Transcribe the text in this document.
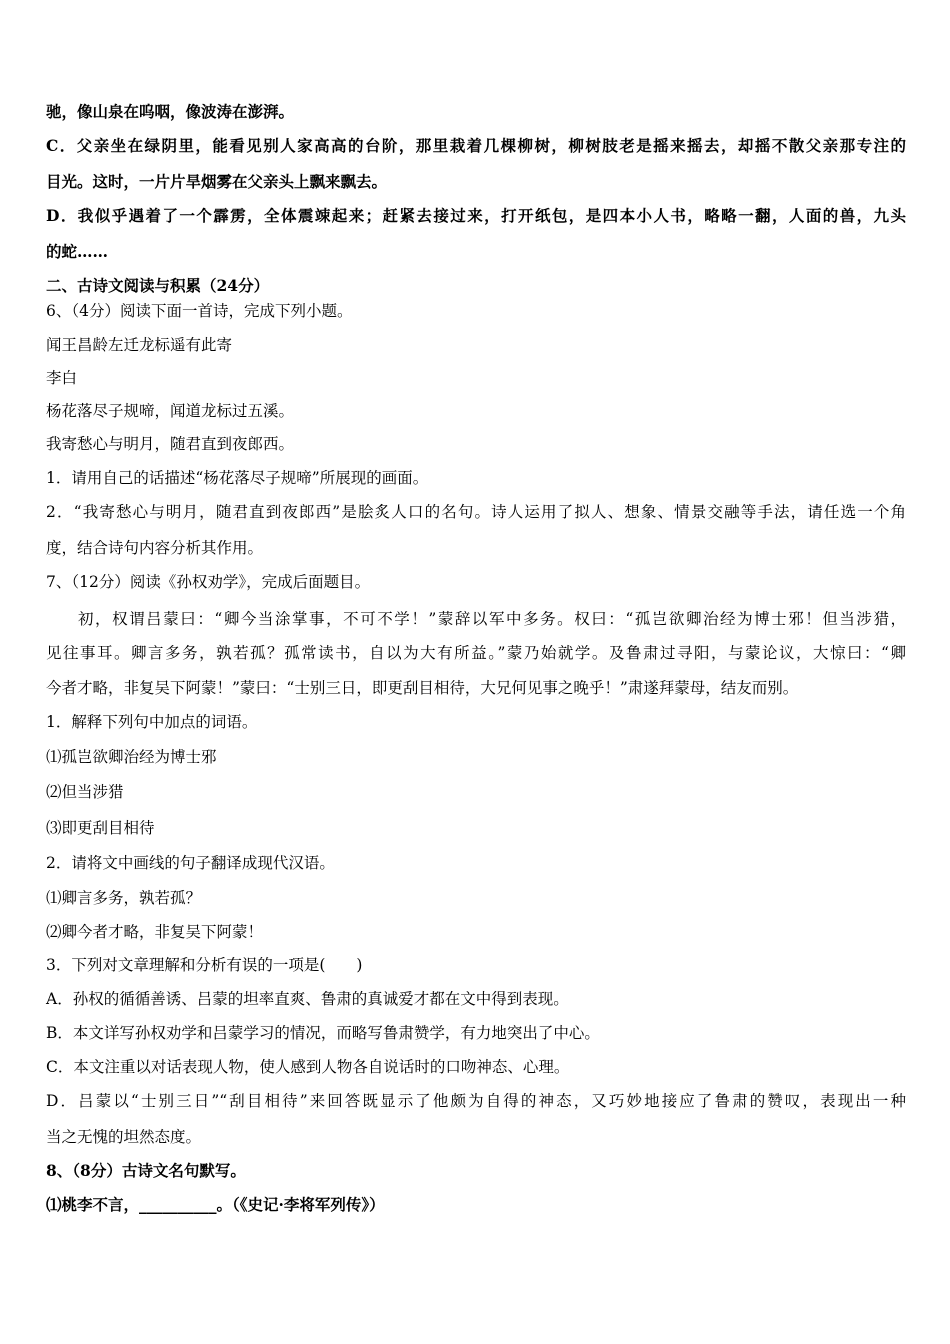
驰，像山泉在呜咽，像波涛在澎湃。
C．父亲坐在绿阴里，能看见别人家高高的台阶，那里栽着几棵柳树，柳树肢老是摇来摇去，却摇不散父亲那专注的
目光。这时，一片片旱烟雾在父亲头上飘来飘去。
D．我似乎遇着了一个霹雳，全体震竦起来；赶紧去接过来，打开纸包，是四本小人书，略略一翻，人面的兽，九头
的蛇……
二、古诗文阅读与积累（24分）
6、（4分）阅读下面一首诗，完成下列小题。
闻王昌龄左迁龙标遥有此寄
李白
杨花落尽子规啼，闻道龙标过五溪。
我寄愁心与明月，随君直到夜郎西。
1．请用自己的话描述“杨花落尽子规啼”所展现的画面。
2．“我寄愁心与明月，随君直到夜郎西”是脍炙人口的名句。诗人运用了拟人、想象、情景交融等手法，请任选一个角
度，结合诗句内容分析其作用。
7、（12分）阅读《孙权劝学》，完成后面题目。
初，权谓吕蒙曰：“卿今当涂掌事，不可不学！”蒙辞以军中多务。权曰：“孤岂欲卿治经为博士邪！但当涉猎，
见往事耳。卿言多务，孰若孤？孤常读书，自以为大有所益。”蒙乃始就学。及鲁肃过寻阳，与蒙论议，大惊曰：“卿
今者才略，非复吴下阿蒙！”蒙曰：“士别三日，即更刮目相待，大兄何见事之晚乎！”肃遂拜蒙母，结友而别。
1．解释下列句中加点的词语。
⑴孤岂欲卿治经为博士邪
⑵但当涉猎
⑶即更刮目相待
2．请将文中画线的句子翻译成现代汉语。
⑴卿言多务，孰若孤？
⑵卿今者才略，非复吴下阿蒙！
3．下列对文章理解和分析有误的一项是(　　)
A．孙权的循循善诱、吕蒙的坦率直爽、鲁肃的真诚爱才都在文中得到表现。
B．本文详写孙权劝学和吕蒙学习的情况，而略写鲁肃赞学，有力地突出了中心。
C．本文注重以对话表现人物，使人感到人物各自说话时的口吻神态、心理。
D．吕蒙以“士别三日”“刮目相待”来回答既显示了他颇为自得的神态，又巧妙地接应了鲁肃的赞叹，表现出一种
当之无愧的坦然态度。
8、（8分）古诗文名句默写。
⑴桃李不言，__________。（《史记·李将军列传》）
